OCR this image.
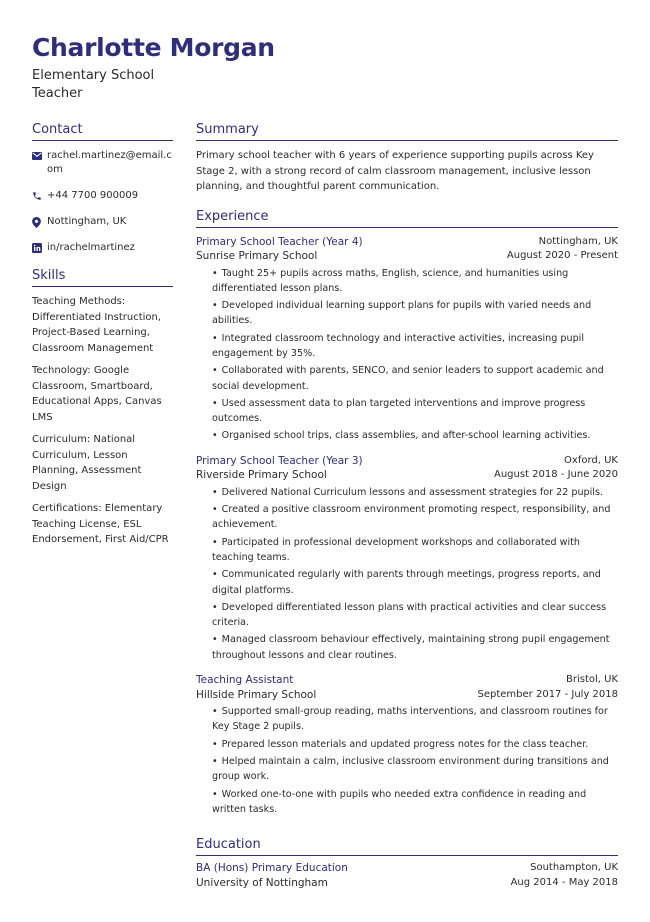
Charlotte Morgan
Elementary School Teacher
Contact
rachel.martinez@email.com
+44 7700 900009
Nottingham, UK
in/rachelmartinez
Skills
Teaching Methods: Differentiated Instruction, Project-Based Learning, Classroom Management
Technology: Google Classroom, Smartboard, Educational Apps, Canvas LMS
Curriculum: National Curriculum, Lesson Planning, Assessment Design
Certifications: Elementary Teaching License, ESL Endorsement, First Aid/CPR
Summary
Primary school teacher with 6 years of experience supporting pupils across Key Stage 2, with a strong record of calm classroom management, inclusive lesson planning, and thoughtful parent communication.
Experience
Primary School Teacher (Year 4)	Nottingham, UK
Sunrise Primary School	August 2020 - Present
• Taught 25+ pupils across maths, English, science, and humanities using differentiated lesson plans.
• Developed individual learning support plans for pupils with varied needs and abilities.
• Integrated classroom technology and interactive activities, increasing pupil engagement by 35%.
• Collaborated with parents, SENCO, and senior leaders to support academic and social development.
• Used assessment data to plan targeted interventions and improve progress outcomes.
• Organised school trips, class assemblies, and after-school learning activities.
Primary School Teacher (Year 3)	Oxford, UK
Riverside Primary School	August 2018 - June 2020
• Delivered National Curriculum lessons and assessment strategies for 22 pupils.
• Created a positive classroom environment promoting respect, responsibility, and achievement.
• Participated in professional development workshops and collaborated with teaching teams.
• Communicated regularly with parents through meetings, progress reports, and digital platforms.
• Developed differentiated lesson plans with practical activities and clear success criteria.
• Managed classroom behaviour effectively, maintaining strong pupil engagement throughout lessons and clear routines.
Teaching Assistant	Bristol, UK
Hillside Primary School	September 2017 - July 2018
• Supported small-group reading, maths interventions, and classroom routines for Key Stage 2 pupils.
• Prepared lesson materials and updated progress notes for the class teacher.
• Helped maintain a calm, inclusive classroom environment during transitions and group work.
• Worked one-to-one with pupils who needed extra confidence in reading and written tasks.
Education
BA (Hons) Primary Education	Southampton, UK
University of Nottingham	Aug 2014 - May 2018
